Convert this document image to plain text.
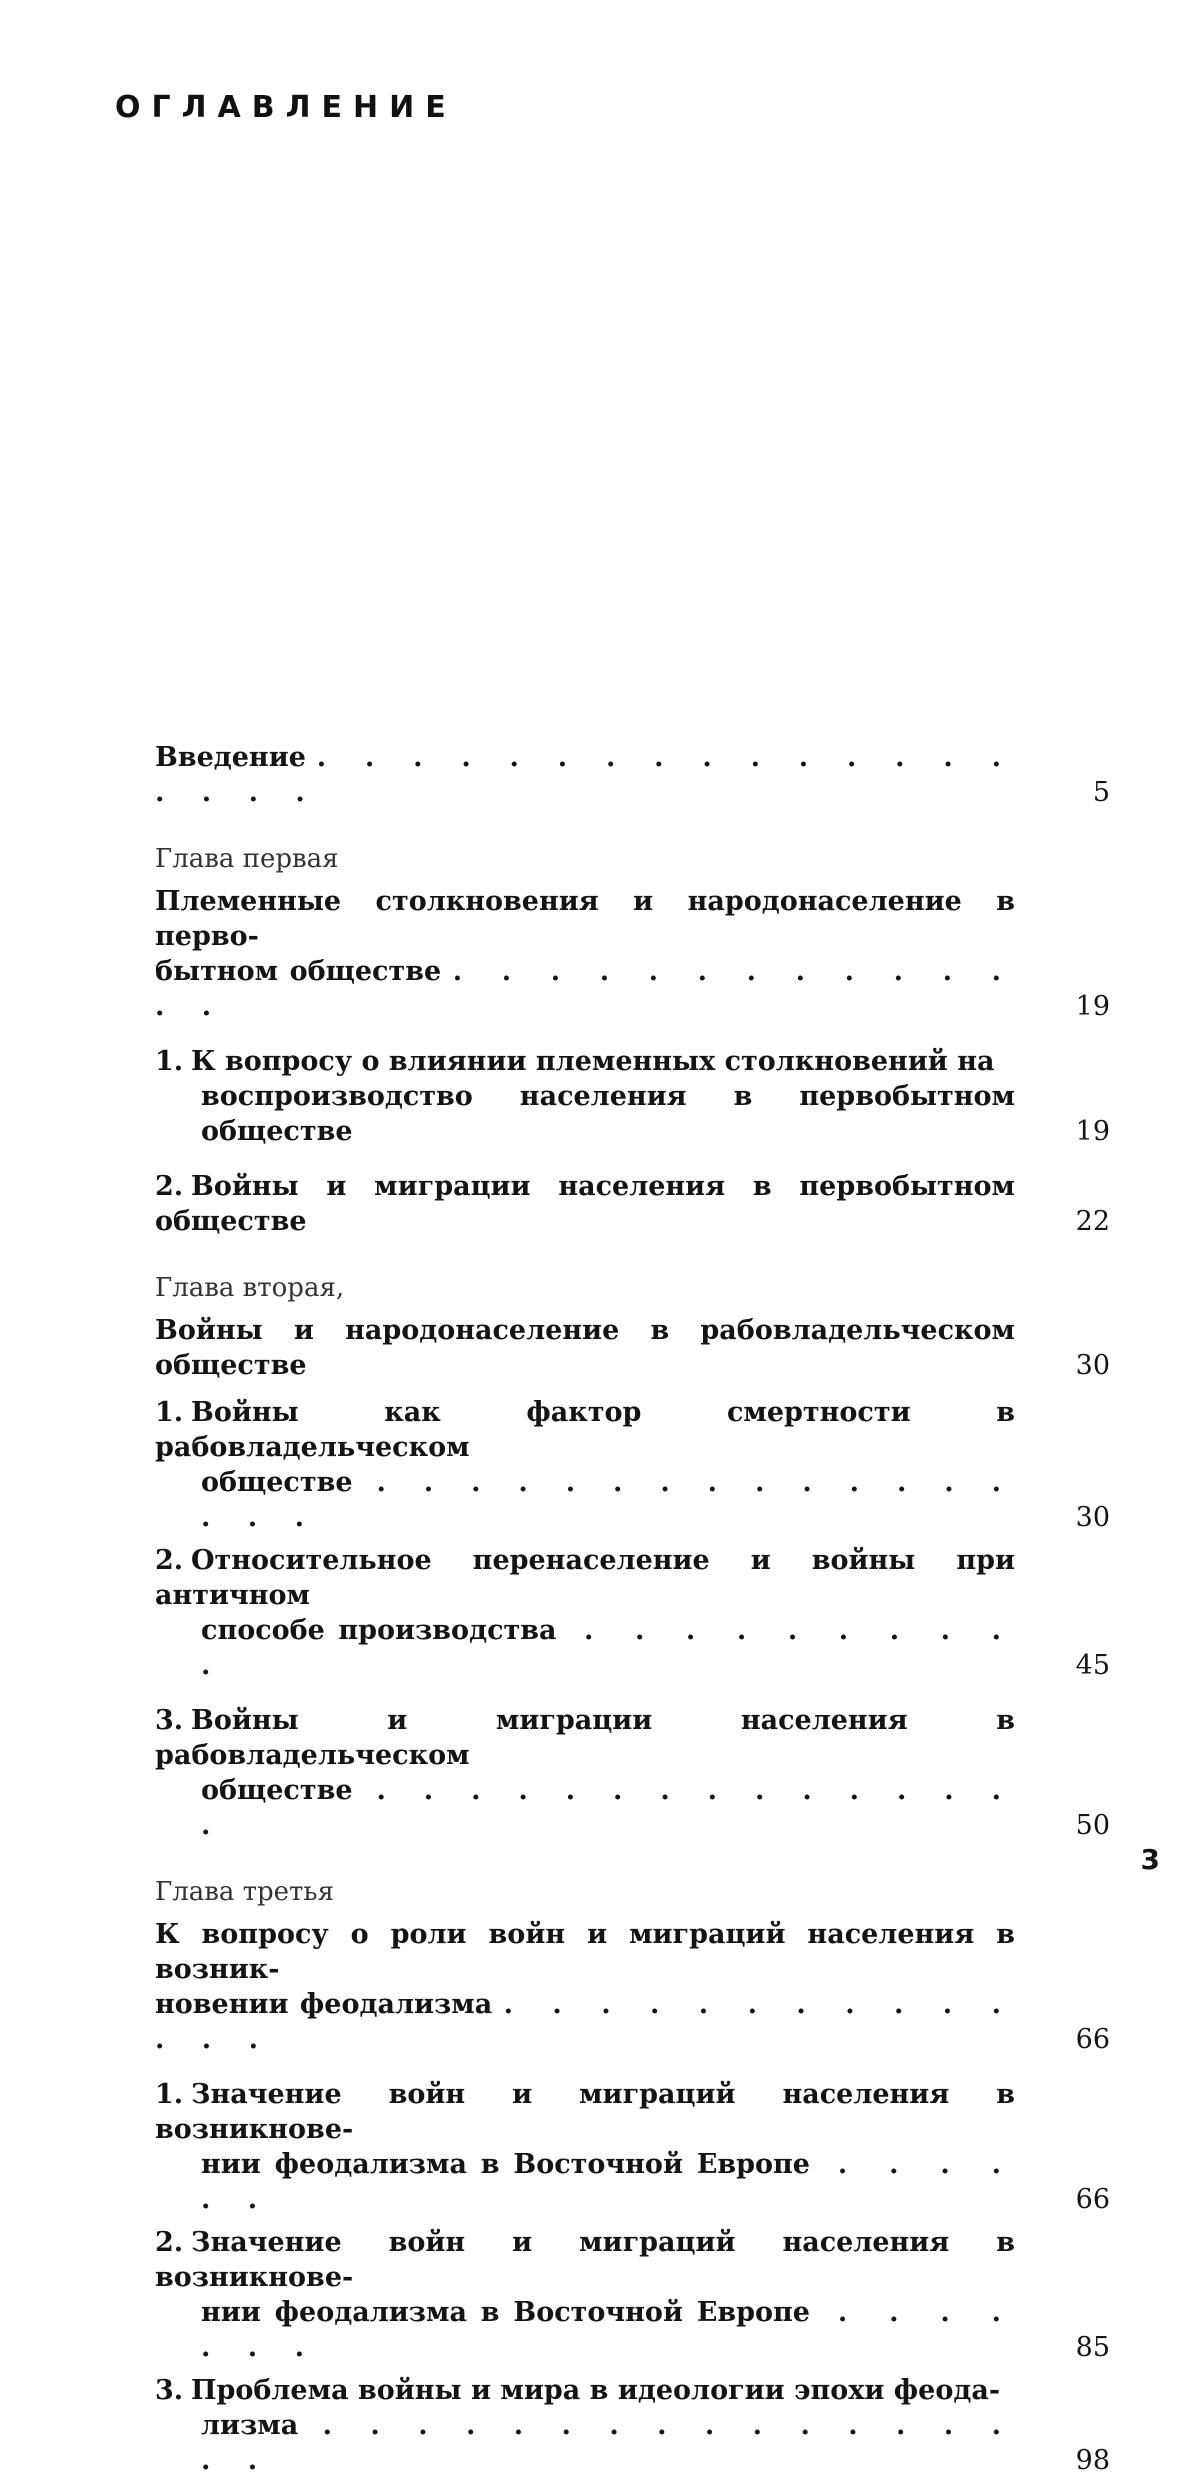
ОГЛАВЛЕНИЕ
Введение . . . . . . . . . . . . . . . . . . .	5
Глава первая
Племенные столкновения и народонаселение в перво-
бытном обществе . . . . . . . . . . . . . .	19
1. К вопросу о влиянии племенных столкновений на
воспроизводство населения в первобытном обществе	19
2. Войны и миграции населения в первобытном обществе	22
Глава вторая,
Войны и народонаселение в рабовладельческом обществе	30
1. Войны как фактор смертности в рабовладельческом
обществе . . . . . . . . . . . . . . . . .	30
2. Относительное перенаселение и войны при античном
способе производства . . . . . . . . . .	45
3. Войны и миграции населения в рабовладельческом
обществе . . . . . . . . . . . . . . .	50
Глава третья
К вопросу о роли войн и миграций населения в возник-
новении феодализма . . . . . . . . . . . . . .	66
1. Значение войн и миграций населения в возникнове-
нии феодализма в Восточной Европе . . . . . .	66
2. Значение войн и миграций населения в возникнове-
нии феодализма в Восточной Европе . . . . . . .	85
3. Проблема войны и мира в идеологии эпохи феода-
лизма . . . . . . . . . . . . . . . . .	98
3
